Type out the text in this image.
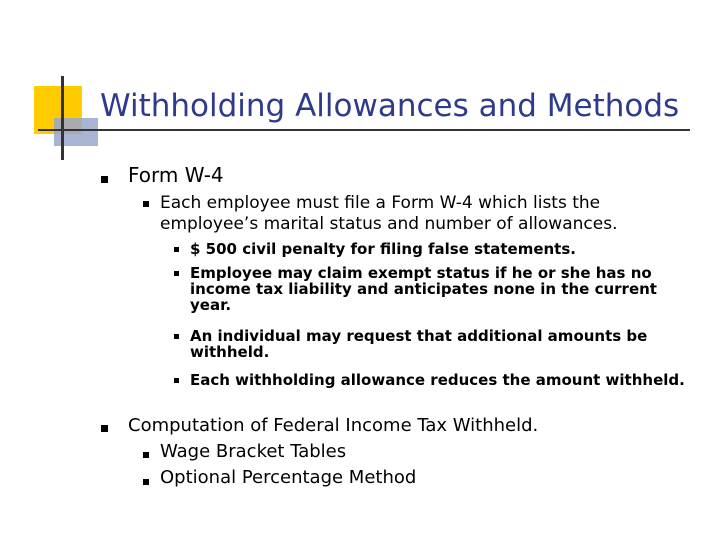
Withholding Allowances and Methods
Form W-4
Each employee must file a Form W-4 which lists the employee’s marital status and number of allowances.
$ 500 civil penalty for filing false statements.
Employee may claim exempt status if he or she has no income tax liability and anticipates none in the current year.
An individual may request that additional amounts be withheld.
Each withholding allowance reduces the amount withheld.
Computation of Federal Income Tax Withheld.
Wage Bracket Tables
Optional Percentage Method
